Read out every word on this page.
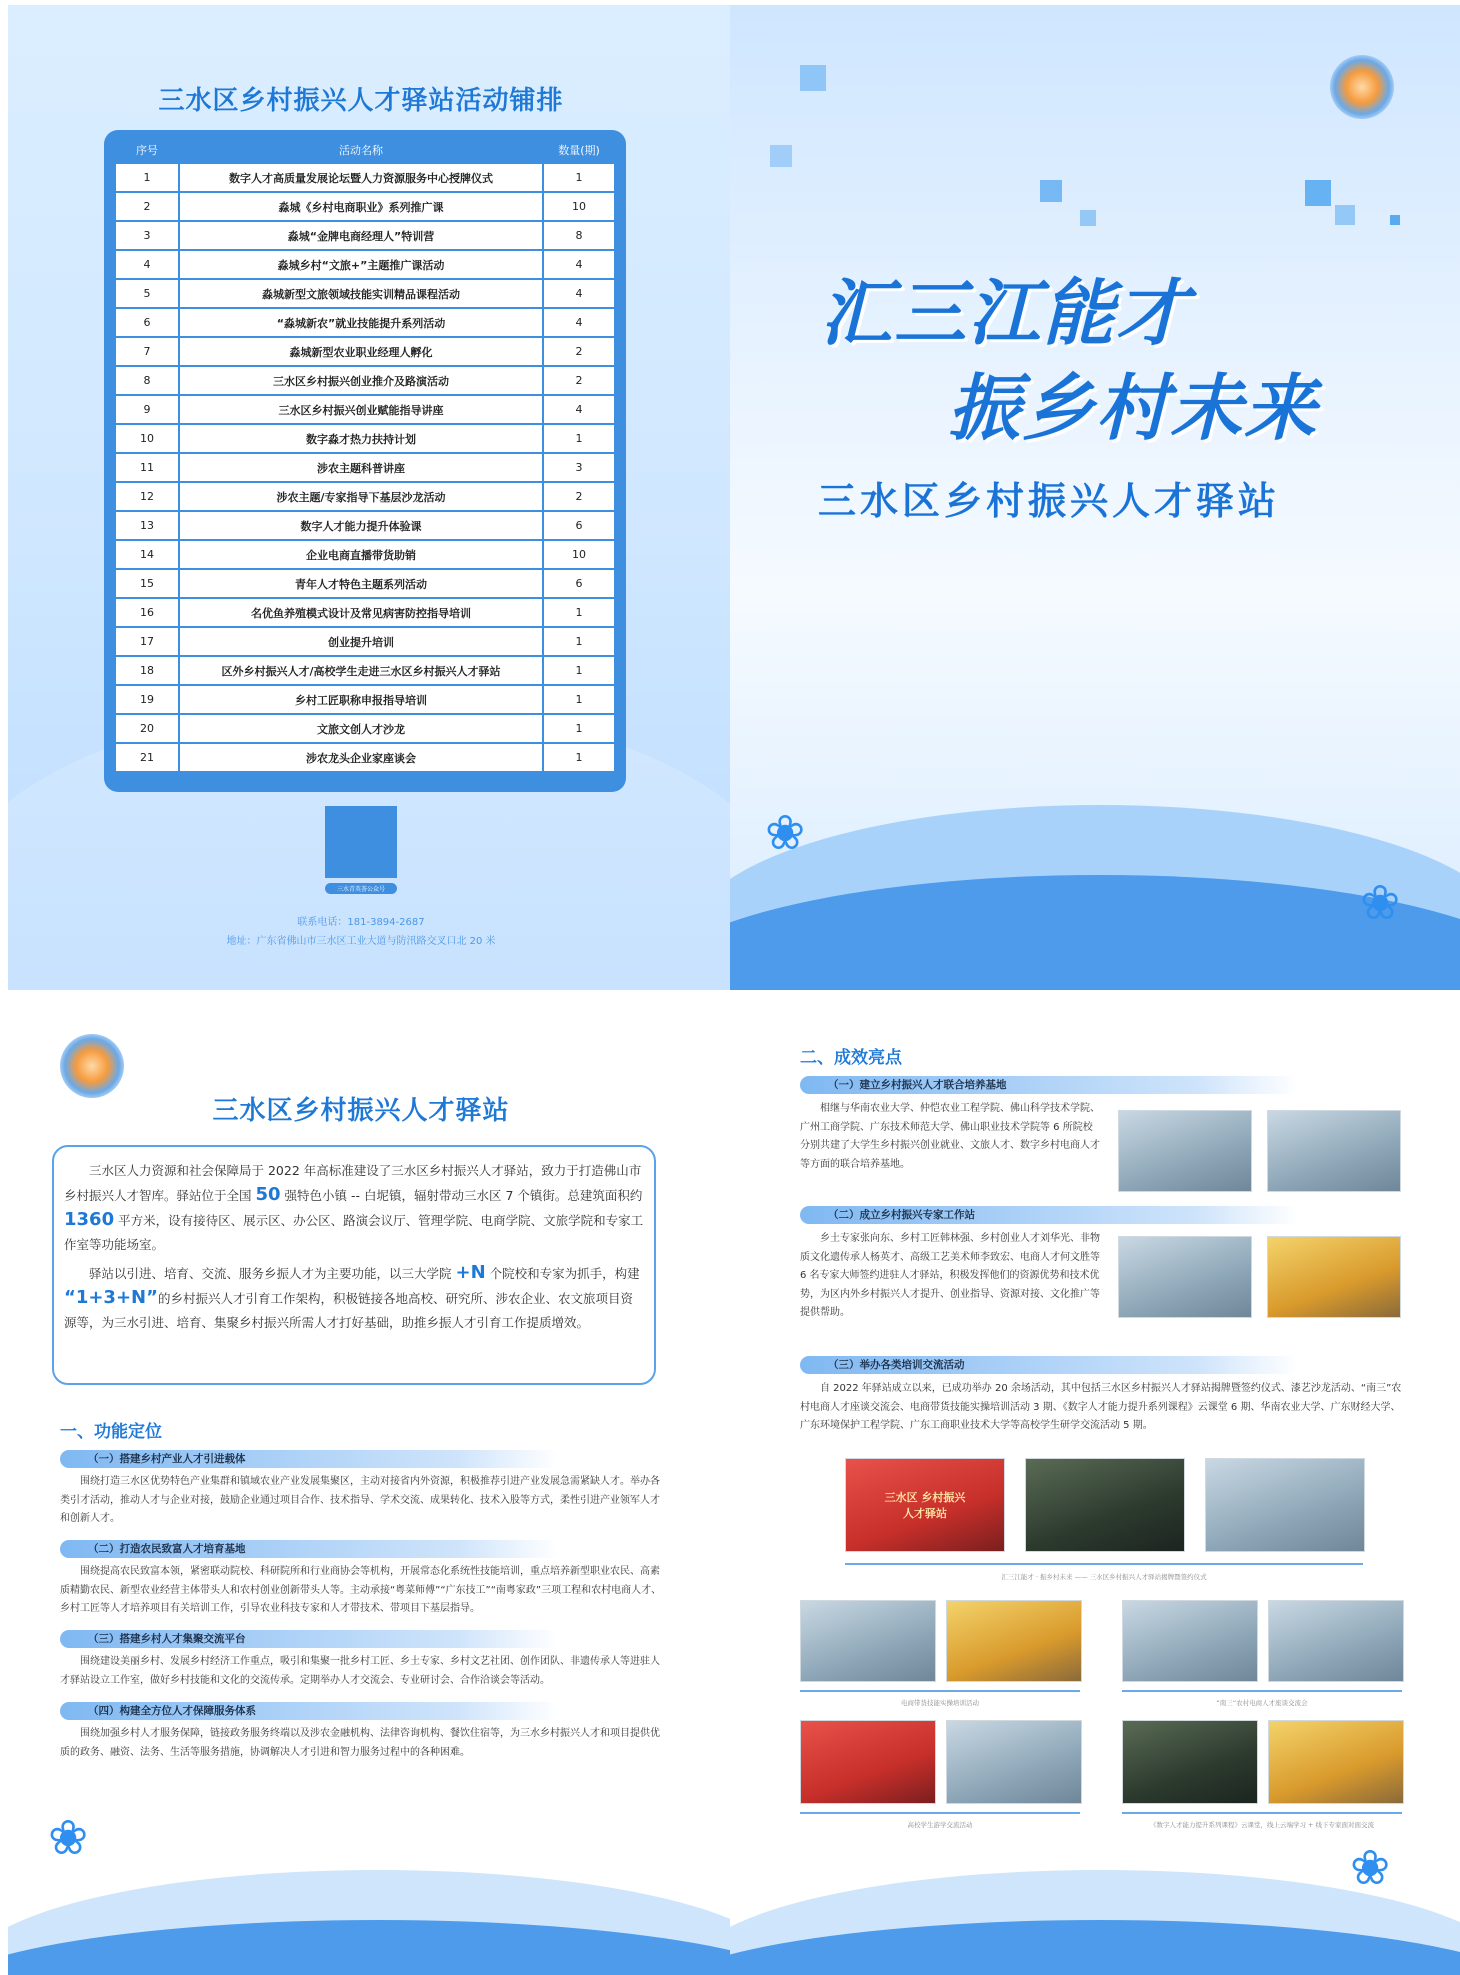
三水区乡村振兴人才驿站活动铺排
序号	活动名称	数量(期)
1	数字人才高质量发展论坛暨人力资源服务中心授牌仪式	1
2	淼城《乡村电商职业》系列推广课	10
3	淼城“金牌电商经理人”特训营	8
4	淼城乡村“文旅+”主题推广课活动	4
5	淼城新型文旅领域技能实训精品课程活动	4
6	“淼城新农”就业技能提升系列活动	4
7	淼城新型农业职业经理人孵化	2
8	三水区乡村振兴创业推介及路演活动	2
9	三水区乡村振兴创业赋能指导讲座	4
10	数字淼才热力扶持计划	1
11	涉农主题科普讲座	3
12	涉农主题/专家指导下基层沙龙活动	2
13	数字人才能力提升体验课	6
14	企业电商直播带货助销	10
15	青年人才特色主题系列活动	6
16	名优鱼养殖模式设计及常见病害防控指导培训	1
17	创业提升培训	1
18	区外乡村振兴人才/高校学生走进三水区乡村振兴人才驿站	1
19	乡村工匠职称申报指导培训	1
20	文旅文创人才沙龙	1
21	涉农龙头企业家座谈会	1
三水青英荟公众号
联系电话：181-3894-2687
地址：广东省佛山市三水区工业大道与防汛路交叉口北 20 米
❀
❀
汇三江能才
振乡村未来
三水区乡村振兴人才驿站
❀
三水区乡村振兴人才驿站

三水区人力资源和社会保障局于 2022 年高标准建设了三水区乡村振兴人才驿站，致力于打造佛山市乡村振兴人才智库。驿站位于全国 50 强特色小镇 -- 白坭镇，辐射带动三水区 7 个镇街。总建筑面积约 1360 平方米，设有接待区、展示区、办公区、路演会议厅、管理学院、电商学院、文旅学院和专家工作室等功能场室。

驿站以引进、培育、交流、服务乡振人才为主要功能，以三大学院 +N 个院校和专家为抓手，构建 “1+3+N”的乡村振兴人才引育工作架构，积极链接各地高校、研究所、涉农企业、农文旅项目资源等，为三水引进、培育、集聚乡村振兴所需人才打好基础，助推乡振人才引育工作提质增效。

一、功能定位
（一）搭建乡村产业人才引进载体

围绕打造三水区优势特色产业集群和镇域农业产业发展集聚区，主动对接省内外资源，积极推荐引进产业发展急需紧缺人才。举办各类引才活动，推动人才与企业对接，鼓励企业通过项目合作、技术指导、学术交流、成果转化、技术入股等方式，柔性引进产业领军人才和创新人才。

（二）打造农民致富人才培育基地

围绕提高农民致富本领，紧密联动院校、科研院所和行业商协会等机构，开展常态化系统性技能培训，重点培养新型职业农民、高素质精勤农民、新型农业经营主体带头人和农村创业创新带头人等。主动承接“粤菜师傅”“广东技工”“南粤家政”三项工程和农村电商人才、乡村工匠等人才培养项目有关培训工作，引导农业科技专家和人才带技术、带项目下基层指导。

（三）搭建乡村人才集聚交流平台

围绕建设美丽乡村、发展乡村经济工作重点，吸引和集聚一批乡村工匠、乡土专家、乡村文艺社团、创作团队、非遗传承人等进驻人才驿站设立工作室，做好乡村技能和文化的交流传承。定期举办人才交流会、专业研讨会、合作洽谈会等活动。

（四）构建全方位人才保障服务体系

围绕加强乡村人才服务保障，链接政务服务终端以及涉农金融机构、法律咨询机构、餐饮住宿等，为三水乡村振兴人才和项目提供优质的政务、融资、法务、生活等服务措施，协调解决人才引进和智力服务过程中的各种困难。

❀
二、成效亮点
（一）建立乡村振兴人才联合培养基地

相继与华南农业大学、仲恺农业工程学院、佛山科学技术学院、广州工商学院、广东技术师范大学、佛山职业技术学院等 6 所院校分别共建了大学生乡村振兴创业就业、文旅人才、数字乡村电商人才等方面的联合培养基地。

（二）成立乡村振兴专家工作站

乡土专家张向东、乡村工匠韩林强、乡村创业人才刘华光、非物质文化遗传承人杨英才、高级工艺美术师李致宏、电商人才何文胜等 6 名专家大师签约进驻人才驿站，积极发挥他们的资源优势和技术优势，为区内外乡村振兴人才提升、创业指导、资源对接、文化推广等提供帮助。

（三）举办各类培训交流活动

自 2022 年驿站成立以来，已成功举办 20 余场活动，其中包括三水区乡村振兴人才驿站揭牌暨签约仪式、漆艺沙龙活动、“南三”农村电商人才座谈交流会、电商带货技能实操培训活动 3 期、《数字人才能力提升系列课程》云课堂 6 期、华南农业大学、广东财经大学、广东环境保护工程学院、广东工商职业技术大学等高校学生研学交流活动 5 期。

三水区 乡村振兴人才驿站
汇三江能才 · 振乡村未来 —— 三水区乡村振兴人才驿站揭牌暨签约仪式
电商带货技能实操培训活动	“南三”农村电商人才座谈交流会
高校学生游学交流活动	《数字人才能力提升系列课程》云课堂，线上云端学习 + 线下专家面对面交流
